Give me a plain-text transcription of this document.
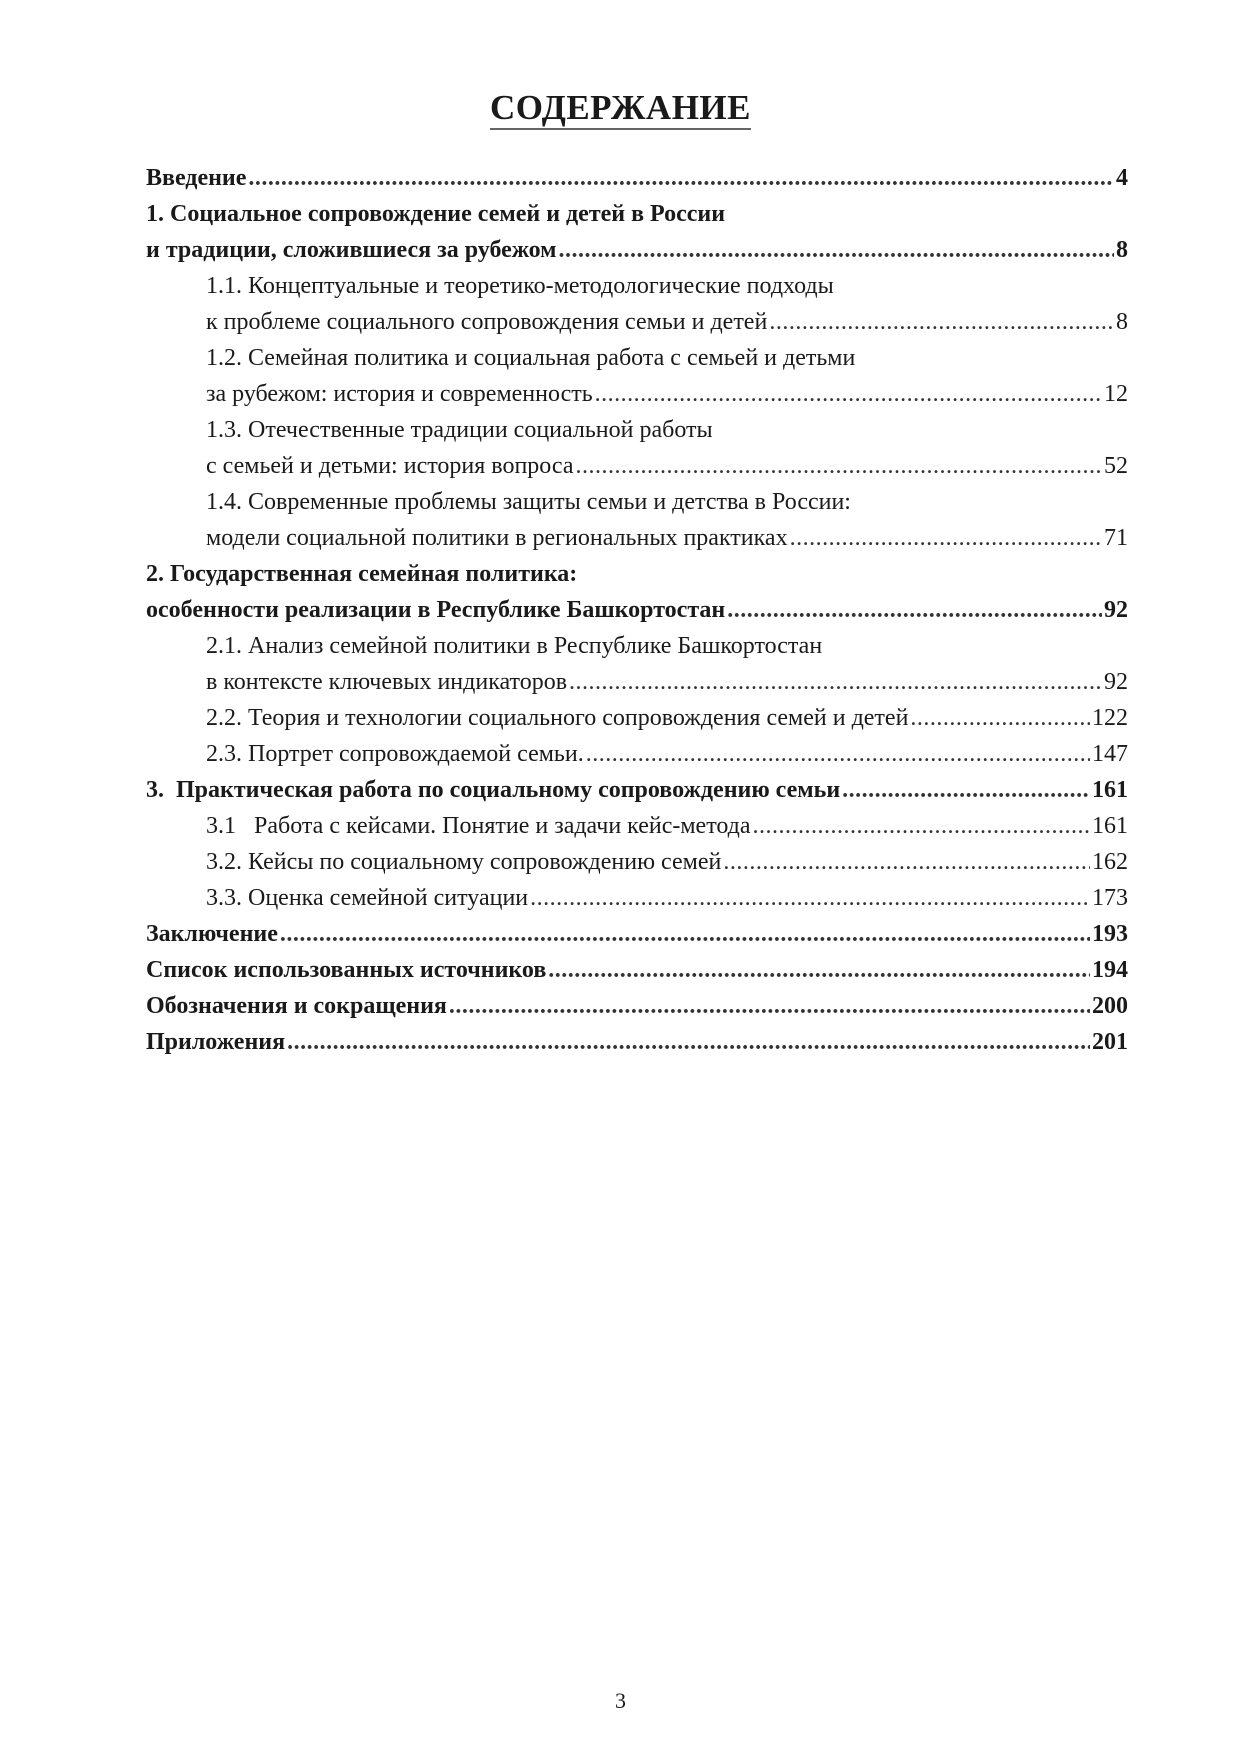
СОДЕРЖАНИЕ
Введение .....	4
1. Социальное сопровождение семей и детей в России
и традиции, сложившиеся за рубежом .....	8
1.1. Концептуальные и теоретико-методологические подходы
к проблеме социального сопровождения семьи и детей .....	8
1.2. Семейная политика и социальная работа с семьей и детьми
за рубежом: история и современность .....	12
1.3. Отечественные традиции социальной работы
с семьей и детьми: история вопроса .....	52
1.4. Современные проблемы защиты семьи и детства в России:
модели социальной политики в региональных практиках .....	71
2. Государственная семейная политика:
особенности реализации в Республике Башкортостан .....	92
2.1. Анализ семейной политики в Республике Башкортостан
в контексте ключевых индикаторов .....	92
2.2. Теория и технологии социального сопровождения семей и детей .....	122
2.3. Портрет сопровождаемой семьи. .....	147
3.  Практическая работа по социальному сопровождению семьи .....	161
3.1   Работа с кейсами. Понятие и задачи кейс-метода .....	161
3.2. Кейсы по социальному сопровождению семей .....	162
3.3. Оценка семейной ситуации .....	173
Заключение .....	193
Список использованных источников .....	194
Обозначения и сокращения .....	200
Приложения .....	201
3
